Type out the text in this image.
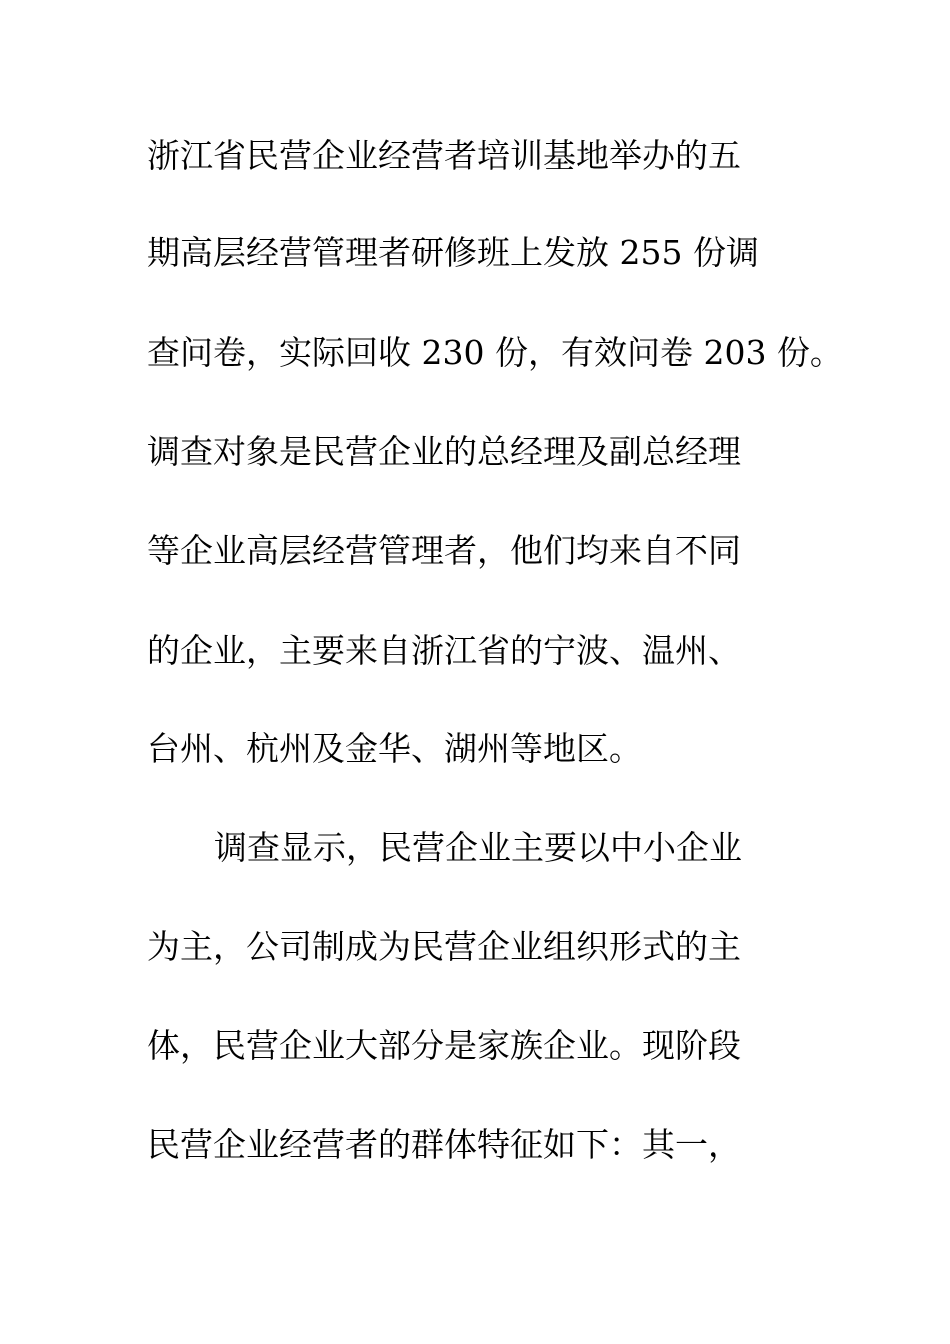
浙江省民营企业经营者培训基地举办的五
期高层经营管理者研修班上发放 255 份调
查问卷，实际回收 230 份，有效问卷 203 份。
调查对象是民营企业的总经理及副总经理
等企业高层经营管理者，他们均来自不同
的企业，主要来自浙江省的宁波、温州、
台州、杭州及金华、湖州等地区。
调查显示，民营企业主要以中小企业
为主，公司制成为民营企业组织形式的主
体，民营企业大部分是家族企业。现阶段
民营企业经营者的群体特征如下：其一，
